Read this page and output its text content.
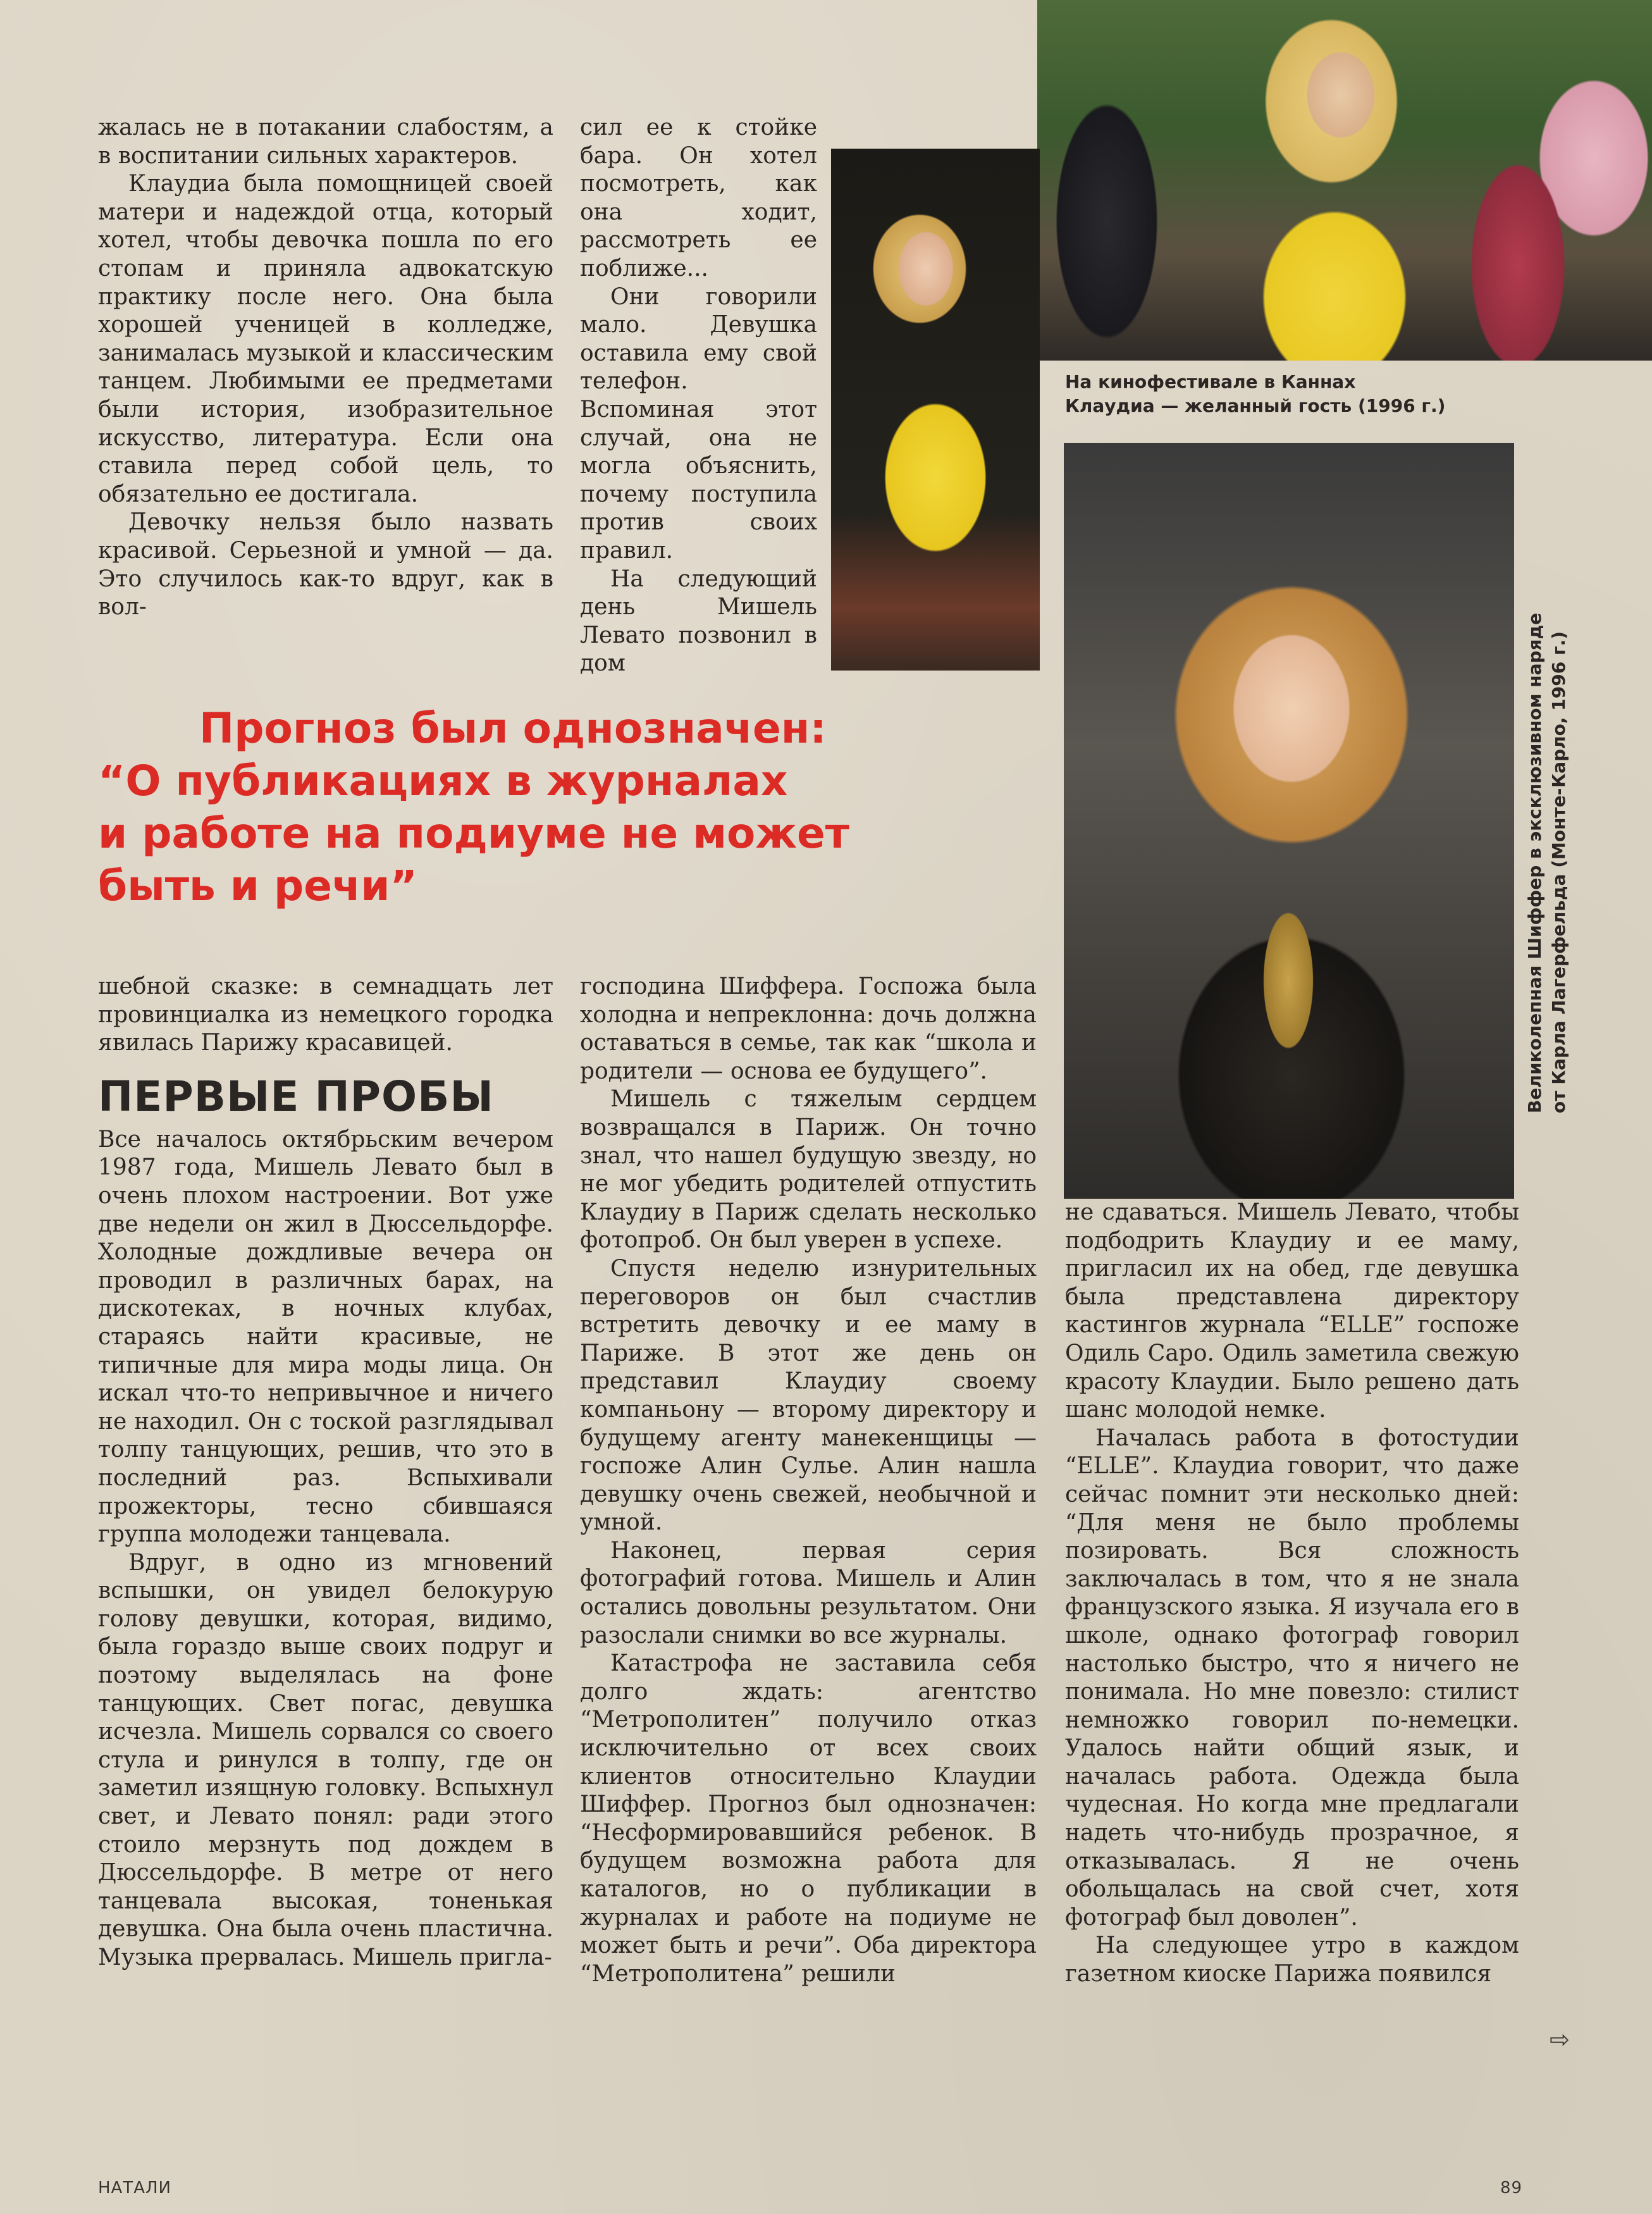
На кинофестивале в Каннах
Клаудиа — желанный гость (1996 г.)
Великолепная Шиффер в эксклюзивном наряде от Карла Лагерфельда (Монте-Карло, 1996 г.)

жалась не в потакании слабостям, а в воспитании сильных характеров.

Клаудиа была помощницей своей матери и надеждой отца, который хотел, чтобы девочка пошла по его стопам и приняла адвокатскую практику после него. Она была хорошей ученицей в колледже, занималась музыкой и классическим танцем. Любимыми ее предметами были история, изобразительное искусство, литература. Если она ставила перед собой цель, то обязательно ее достигала.

Девочку нельзя было назвать красивой. Серьезной и умной — да. Это случилось как-то вдруг, как в вол-

сил ее к стойке бара. Он хотел посмотреть, как она ходит, рассмотреть ее поближе...

Они говорили мало. Девушка оставила ему свой телефон. Вспоминая этот случай, она не могла объяснить, почему поступила против своих правил.

На следующий день Мишель Левато позвонил в дом

Прогноз был однозначен:
“О публикациях в журналах
и работе на подиуме не может
быть и речи”

шебной сказке: в семнадцать лет провинциалка из немецкого городка явилась Парижу красавицей.

ПЕРВЫЕ ПРОБЫ

Все началось октябрьским вечером 1987 года, Мишель Левато был в очень плохом настроении. Вот уже две недели он жил в Дюссельдорфе. Холодные дождливые вечера он проводил в различных барах, на дискотеках, в ночных клубах, стараясь найти красивые, не типичные для мира моды лица. Он искал что-то непривычное и ничего не находил. Он с тоской разглядывал толпу танцующих, решив, что это в последний раз. Вспыхивали прожекторы, тесно сбившаяся группа молодежи танцевала.

Вдруг, в одно из мгновений вспышки, он увидел белокурую голову девушки, которая, видимо, была гораздо выше своих подруг и поэтому выделялась на фоне танцующих. Свет погас, девушка исчезла. Мишель сорвался со своего стула и ринулся в толпу, где он заметил изящную головку. Вспыхнул свет, и Левато понял: ради этого стоило мерзнуть под дождем в Дюссельдорфе. В метре от него танцевала высокая, тоненькая девушка. Она была очень пластична. Музыка прервалась. Мишель пригла-

господина Шиффера. Госпожа была холодна и непреклонна: дочь должна оставаться в семье, так как “школа и родители — основа ее будущего”.

Мишель с тяжелым сердцем возвращался в Париж. Он точно знал, что нашел будущую звезду, но не мог убедить родителей отпустить Клаудиу в Париж сделать несколько фотопроб. Он был уверен в успехе.

Спустя неделю изнурительных переговоров он был счастлив встретить девочку и ее маму в Париже. В этот же день он представил Клаудиу своему компаньону — второму директору и будущему агенту манекенщицы — госпоже Алин Сулье. Алин нашла девушку очень свежей, необычной и умной.

Наконец, первая серия фотографий готова. Мишель и Алин остались довольны результатом. Они разослали снимки во все журналы.

Катастрофа не заставила себя долго ждать: агентство “Метрополитен” получило отказ исключительно от всех своих клиентов относительно Клаудии Шиффер. Прогноз был однозначен: “Несформировавшийся ребенок. В будущем возможна работа для каталогов, но о публикации в журналах и работе на подиуме не может быть и речи”. Оба директора “Метрополитена” решили

не сдаваться. Мишель Левато, чтобы подбодрить Клаудиу и ее маму, пригласил их на обед, где девушка была представлена директору кастингов журнала “ELLE” госпоже Одиль Саро. Одиль заметила свежую красоту Клаудии. Было решено дать шанс молодой немке.

Началась работа в фотостудии “ELLE”. Клаудиа говорит, что даже сейчас помнит эти несколько дней: “Для меня не было проблемы позировать. Вся сложность заключалась в том, что я не знала французского языка. Я изучала его в школе, однако фотограф говорил настолько быстро, что я ничего не понимала. Но мне повезло: стилист немножко говорил по-немецки. Удалось найти общий язык, и началась работа. Одежда была чудесная. Но когда мне предлагали надеть что-нибудь прозрачное, я отказывалась. Я не очень обольщалась на свой счет, хотя фотограф был доволен”.

На следующее утро в каждом газетном киоске Парижа появился

⇨
НАТАЛИ	89
